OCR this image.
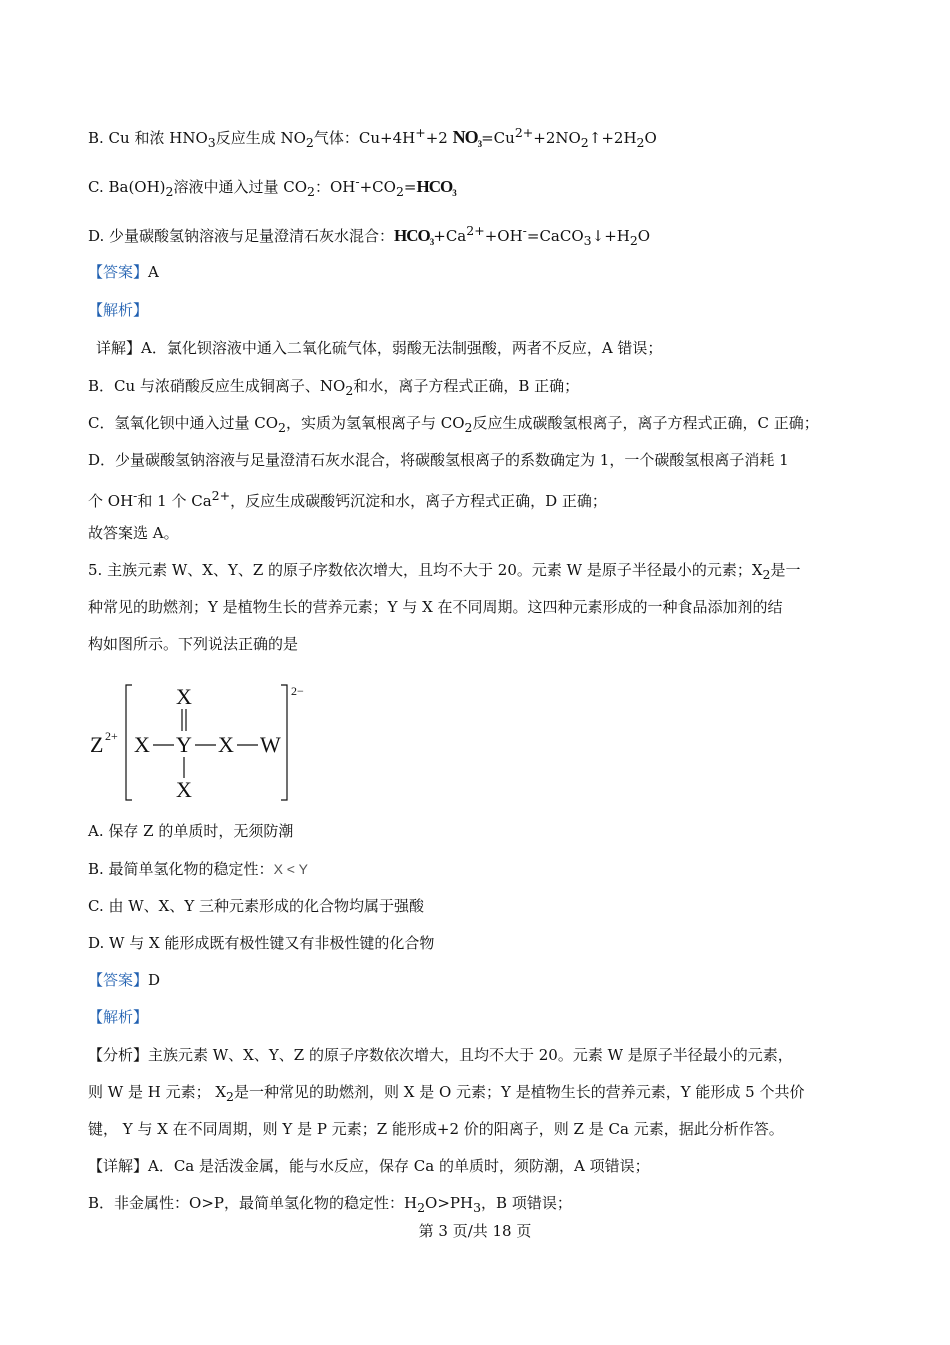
B. Cu 和浓 $HNO_3$反应生成 $NO_2$气体：Cu+4H++2 $NO_3=Cu^{2+}+2NO_2↑+2H_2O$
C. $Ba(OH)_2$溶液中通入过量 $CO_2$：$OH^-+CO_2=HCO_3$
D. 少量碳酸氢钠溶液与足量澄清石灰水混合：$HCO_3+Ca^{2+}+OH^-=CaCO_3↓+H_2O$
【答案】A
【解析】
详解】A．氯化钡溶液中通入二氧化硫气体，弱酸无法制强酸，两者不反应，A 错误；
B．Cu 与浓硝酸反应生成铜离子、$NO_2$和水，离子方程式正确，B 正确；
C．氢氧化钡中通入过量 $CO_2$，实质为氢氧根离子与 $CO_2$反应生成碳酸氢根离子，离子方程式正确，C 正确；
D．少量碳酸氢钠溶液与足量澄清石灰水混合，将碳酸氢根离子的系数确定为 1，一个碳酸氢根离子消耗 1
个 OH-和 1 个 $Ca^{2+}$，反应生成碳酸钙沉淀和水，离子方程式正确，D 正确；
故答案选 A。
5. 主族元素 W、X、Y、Z 的原子序数依次增大，且均不大于 20。元素 W 是原子半径最小的元素；$X_2$是一
种常见的助燃剂；Y 是植物生长的营养元素；Y 与 X 在不同周期。这四种元素形成的一种食品添加剂的结
构如图所示。下列说法正确的是
Z 2+
X
X Y X W
X
2−
A. 保存 Z 的单质时，无须防潮
B. 最简单氢化物的稳定性：X < Y
C. 由 W、X、Y 三种元素形成的化合物均属于强酸
D. W 与 X 能形成既有极性键又有非极性键的化合物
【答案】D
【解析】
【分析】主族元素 W、X、Y、Z 的原子序数依次增大，且均不大于 20。元素 W 是原子半径最小的元素，
则 W 是 H 元素； $X_2$是一种常见的助燃剂，则 X 是 O 元素；Y 是植物生长的营养元素，Y 能形成 5 个共价
键， Y 与 X 在不同周期，则 Y 是 P 元素；Z 能形成+2 价的阳离子，则 Z 是 Ca 元素，据此分析作答。
【详解】A．Ca 是活泼金属，能与水反应，保存 Ca 的单质时，须防潮，A 项错误；
B．非金属性：O>P，最简单氢化物的稳定性：$H_2O>PH_3$，B 项错误；
第 3 页/共 18 页
